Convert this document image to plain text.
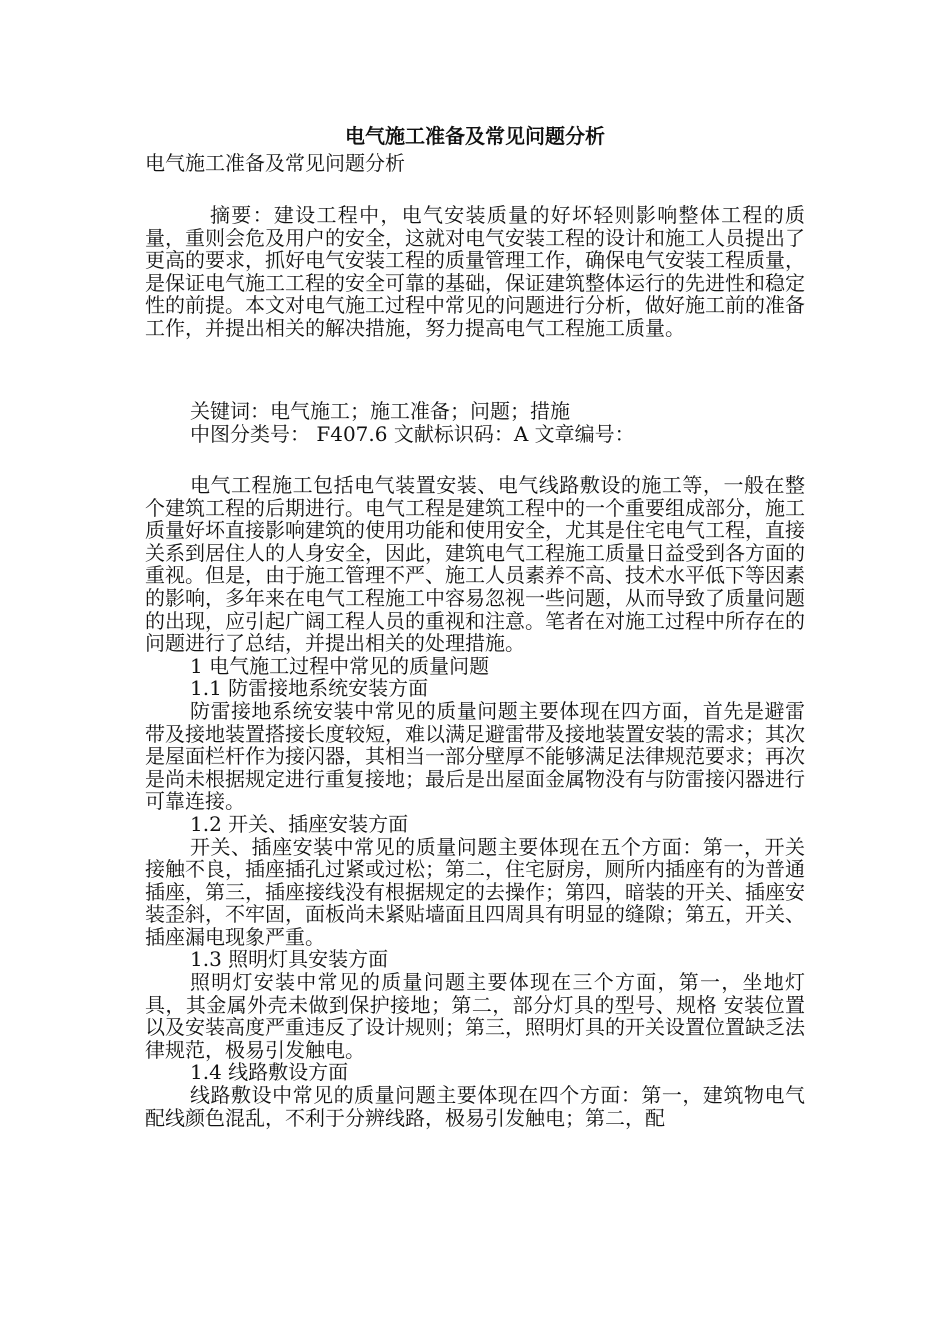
电气施工准备及常见问题分析

电气施工准备及常见问题分析

摘要：建设工程中，电气安装质量的好坏轻则影响整体工程的质量，重则会危及用户的安全，这就对电气安装工程的设计和施工人员提出了更高的要求，抓好电气安装工程的质量管理工作，确保电气安装工程质量，是保证电气施工工程的安全可靠的基础，保证建筑整体运行的先进性和稳定性的前提。本文对电气施工过程中常见的问题进行分析，做好施工前的准备工作，并提出相关的解决措施，努力提高电气工程施工质量。

关键词：电气施工；施工准备；问题；措施

中图分类号： F407.6 文献标识码：A 文章编号：

电气工程施工包括电气装置安装、电气线路敷设的施工等，一般在整个建筑工程的后期进行。电气工程是建筑工程中的一个重要组成部分，施工质量好坏直接影响建筑的使用功能和使用安全，尤其是住宅电气工程，直接关系到居住人的人身安全，因此，建筑电气工程施工质量日益受到各方面的重视。但是，由于施工管理不严、施工人员素养不高、技术水平低下等因素的影响，多年来在电气工程施工中容易忽视一些问题，从而导致了质量问题的出现，应引起广阔工程人员的重视和注意。笔者在对施工过程中所存在的问题进行了总结，并提出相关的处理措施。

1 电气施工过程中常见的质量问题

1.1 防雷接地系统安装方面

防雷接地系统安装中常见的质量问题主要体现在四方面，首先是避雷带及接地装置搭接长度较短，难以满足避雷带及接地装置安装的需求；其次是屋面栏杆作为接闪器，其相当一部分壁厚不能够满足法律规范要求；再次是尚未根据规定进行重复接地；最后是出屋面金属物没有与防雷接闪器进行可靠连接。

1.2 开关、插座安装方面

开关、插座安装中常见的质量问题主要体现在五个方面：第一，开关接触不良，插座插孔过紧或过松；第二，住宅厨房，厕所内插座有的为普通插座，第三，插座接线没有根据规定的去操作；第四，暗装的开关、插座安装歪斜，不牢固，面板尚未紧贴墙面且四周具有明显的缝隙；第五，开关、插座漏电现象严重。

1.3 照明灯具安装方面

照明灯安装中常见的质量问题主要体现在三个方面，第一，坐地灯具，其金属外壳未做到保护接地；第二，部分灯具的型号、规格 安装位置以及安装高度严重违反了设计规则；第三，照明灯具的开关设置位置缺乏法律规范，极易引发触电。

1.4 线路敷设方面

线路敷设中常见的质量问题主要体现在四个方面：第一，建筑物电气配线颜色混乱，不利于分辨线路，极易引发触电；第二，配
